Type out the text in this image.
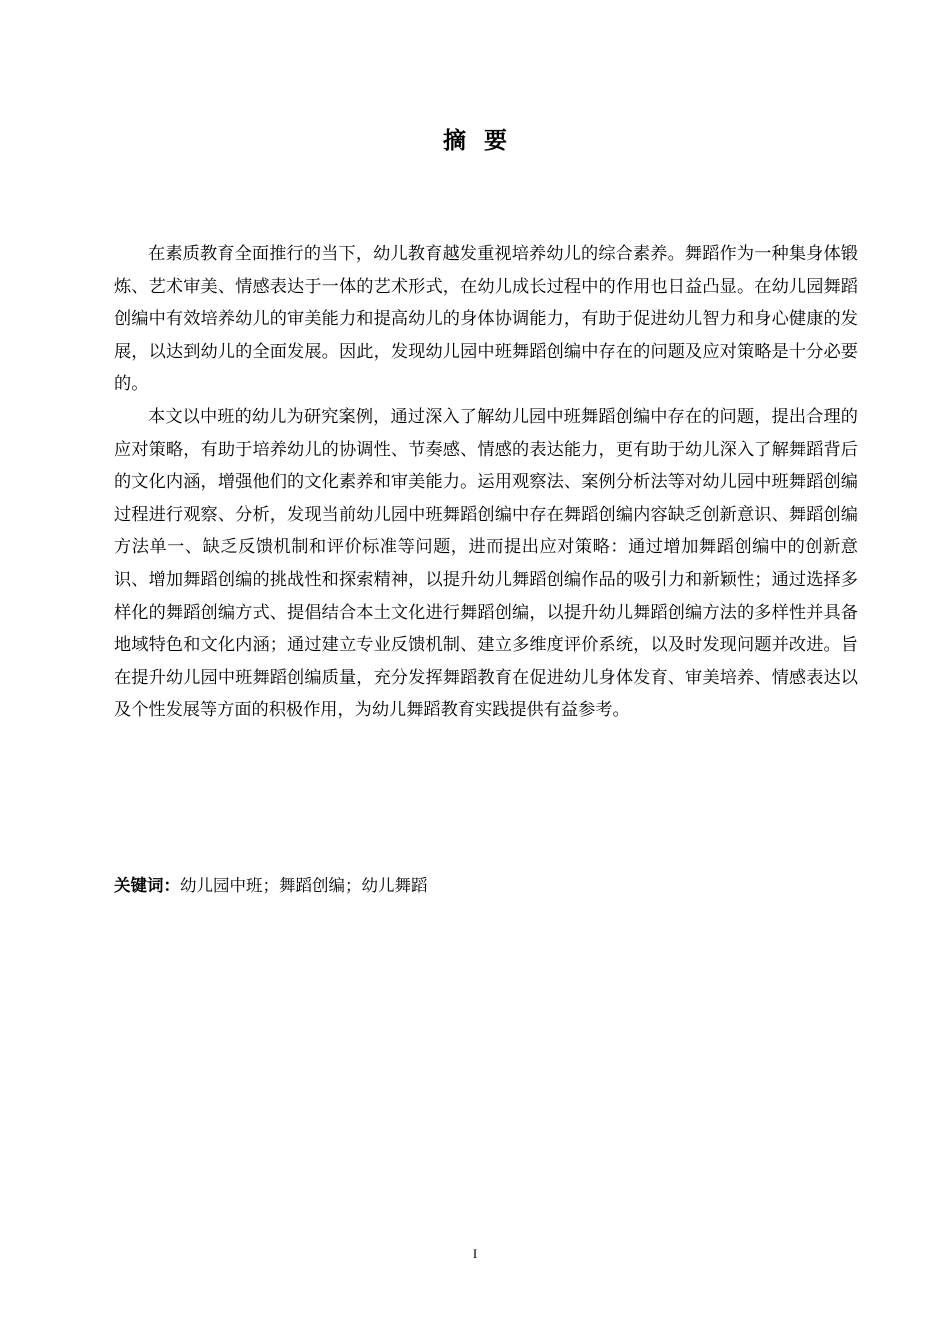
摘要

在素质教育全面推行的当下，幼儿教育越发重视培养幼儿的综合素养。舞蹈作为一种集身体锻炼、艺术审美、情感表达于一体的艺术形式，在幼儿成长过程中的作用也日益凸显。在幼儿园舞蹈创编中有效培养幼儿的审美能力和提高幼儿的身体协调能力，有助于促进幼儿智力和身心健康的发展，以达到幼儿的全面发展。因此，发现幼儿园中班舞蹈创编中存在的问题及应对策略是十分必要的。

本文以中班的幼儿为研究案例，通过深入了解幼儿园中班舞蹈创编中存在的问题，提出合理的应对策略，有助于培养幼儿的协调性、节奏感、情感的表达能力，更有助于幼儿深入了解舞蹈背后的文化内涵，增强他们的文化素养和审美能力。运用观察法、案例分析法等对幼儿园中班舞蹈创编过程进行观察、分析，发现当前幼儿园中班舞蹈创编中存在舞蹈创编内容缺乏创新意识、舞蹈创编方法单一、缺乏反馈机制和评价标准等问题，进而提出应对策略：通过增加舞蹈创编中的创新意识、增加舞蹈创编的挑战性和探索精神，以提升幼儿舞蹈创编作品的吸引力和新颖性；通过选择多样化的舞蹈创编方式、提倡结合本土文化进行舞蹈创编，以提升幼儿舞蹈创编方法的多样性并具备地域特色和文化内涵；通过建立专业反馈机制、建立多维度评价系统，以及时发现问题并改进。旨在提升幼儿园中班舞蹈创编质量，充分发挥舞蹈教育在促进幼儿身体发育、审美培养、情感表达以及个性发展等方面的积极作用，为幼儿舞蹈教育实践提供有益参考。

关键词：幼儿园中班；舞蹈创编；幼儿舞蹈
I
